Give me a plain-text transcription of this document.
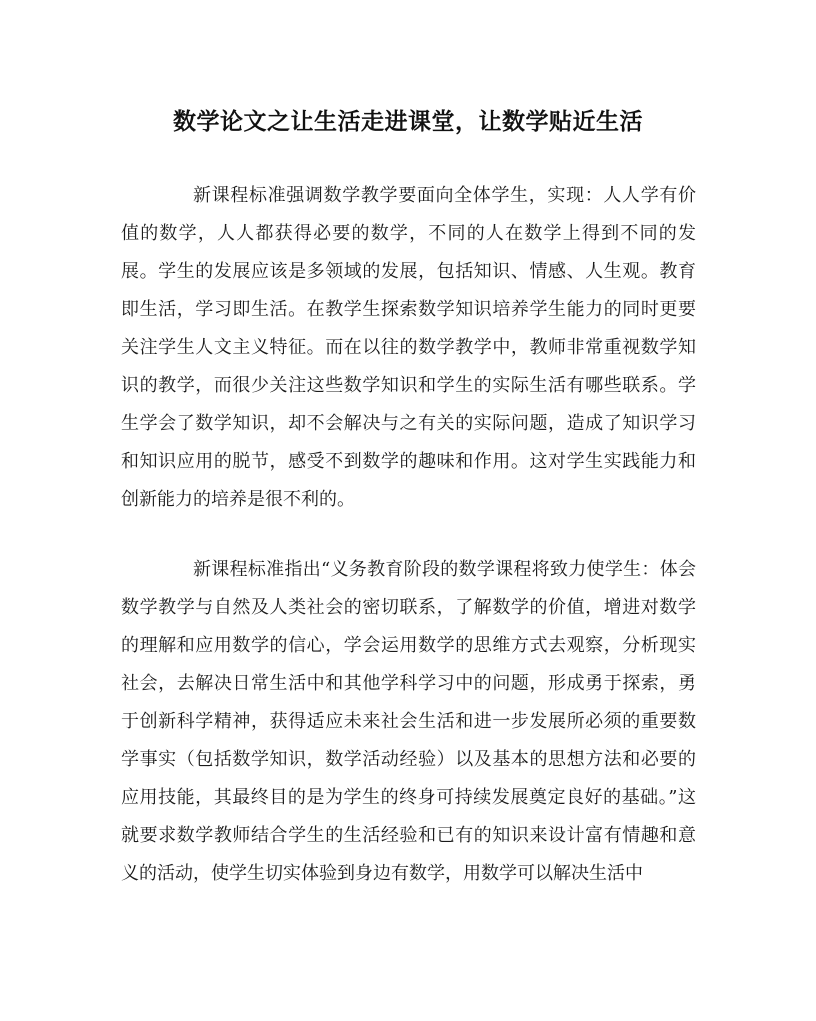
数学论文之让生活走进课堂，让数学贴近生活

新课程标准强调数学教学要面向全体学生，实现：人人学有价值的数学，人人都获得必要的数学，不同的人在数学上得到不同的发展。学生的发展应该是多领域的发展，包括知识、情感、人生观。教育即生活，学习即生活。在教学生探索数学知识培养学生能力的同时更要关注学生人文主义特征。而在以往的数学教学中，教师非常重视数学知识的教学，而很少关注这些数学知识和学生的实际生活有哪些联系。学生学会了数学知识，却不会解决与之有关的实际问题，造成了知识学习和知识应用的脱节，感受不到数学的趣味和作用。这对学生实践能力和创新能力的培养是很不利的。

新课程标准指出“义务教育阶段的数学课程将致力使学生：体会数学教学与自然及人类社会的密切联系，了解数学的价值，增进对数学的理解和应用数学的信心，学会运用数学的思维方式去观察，分析现实社会，去解决日常生活中和其他学科学习中的问题，形成勇于探索，勇于创新科学精神，获得适应未来社会生活和进一步发展所必须的重要数学事实（包括数学知识，数学活动经验）以及基本的思想方法和必要的应用技能，其最终目的是为学生的终身可持续发展奠定良好的基础。”这就要求数学教师结合学生的生活经验和已有的知识来设计富有情趣和意义的活动，使学生切实体验到身边有数学，用数学可以解决生活中
